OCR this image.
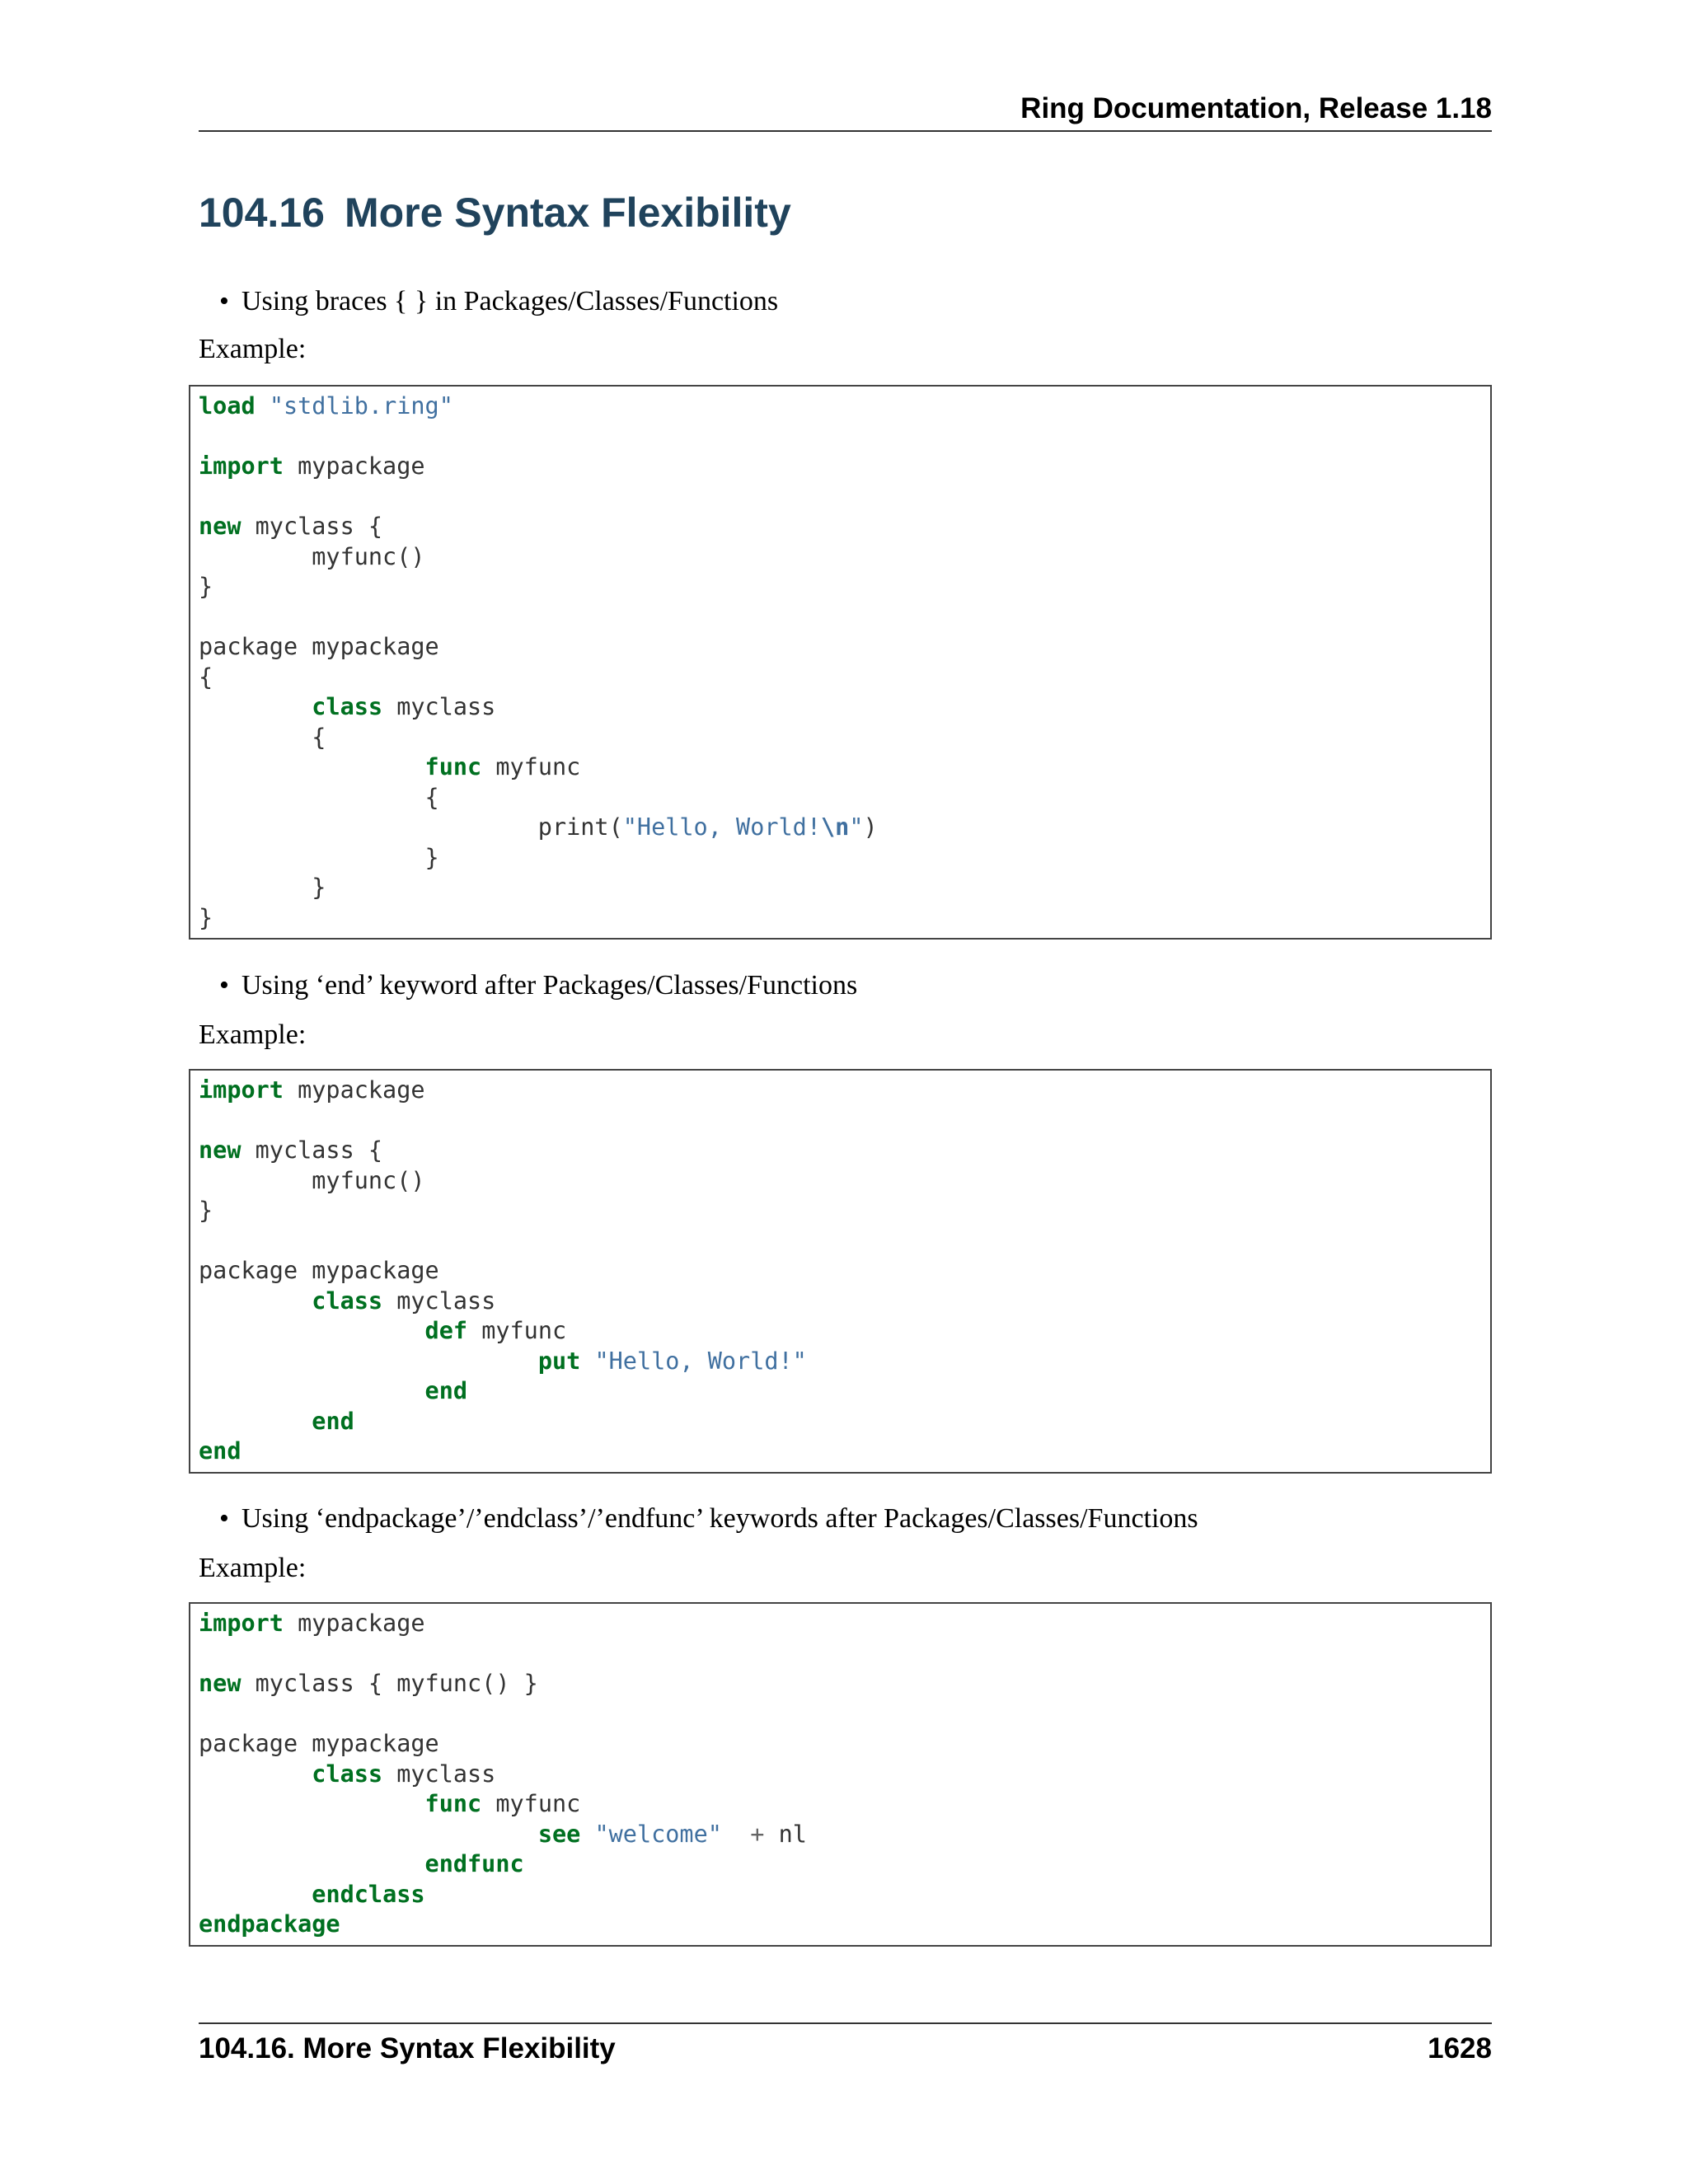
Ring Documentation, Release 1.18
104.16 More Syntax Flexibility
• Using braces { } in Packages/Classes/Functions
Example:
load "stdlib.ring"

import mypackage

new myclass {
myfunc()
}

package mypackage
{
class myclass
{
func myfunc
{
print("Hello, World!\n")
}
}
}
• Using ‘end’ keyword after Packages/Classes/Functions
Example:
import mypackage

new myclass {
myfunc()
}

package mypackage
class myclass
def myfunc
put "Hello, World!"
end
end
end
• Using ‘endpackage’/’endclass’/’endfunc’ keywords after Packages/Classes/Functions
Example:
import mypackage

new myclass { myfunc() }

package mypackage
class myclass
func myfunc
see "welcome" + nl
endfunc
endclass
endpackage
104.16. More Syntax Flexibility	1628
